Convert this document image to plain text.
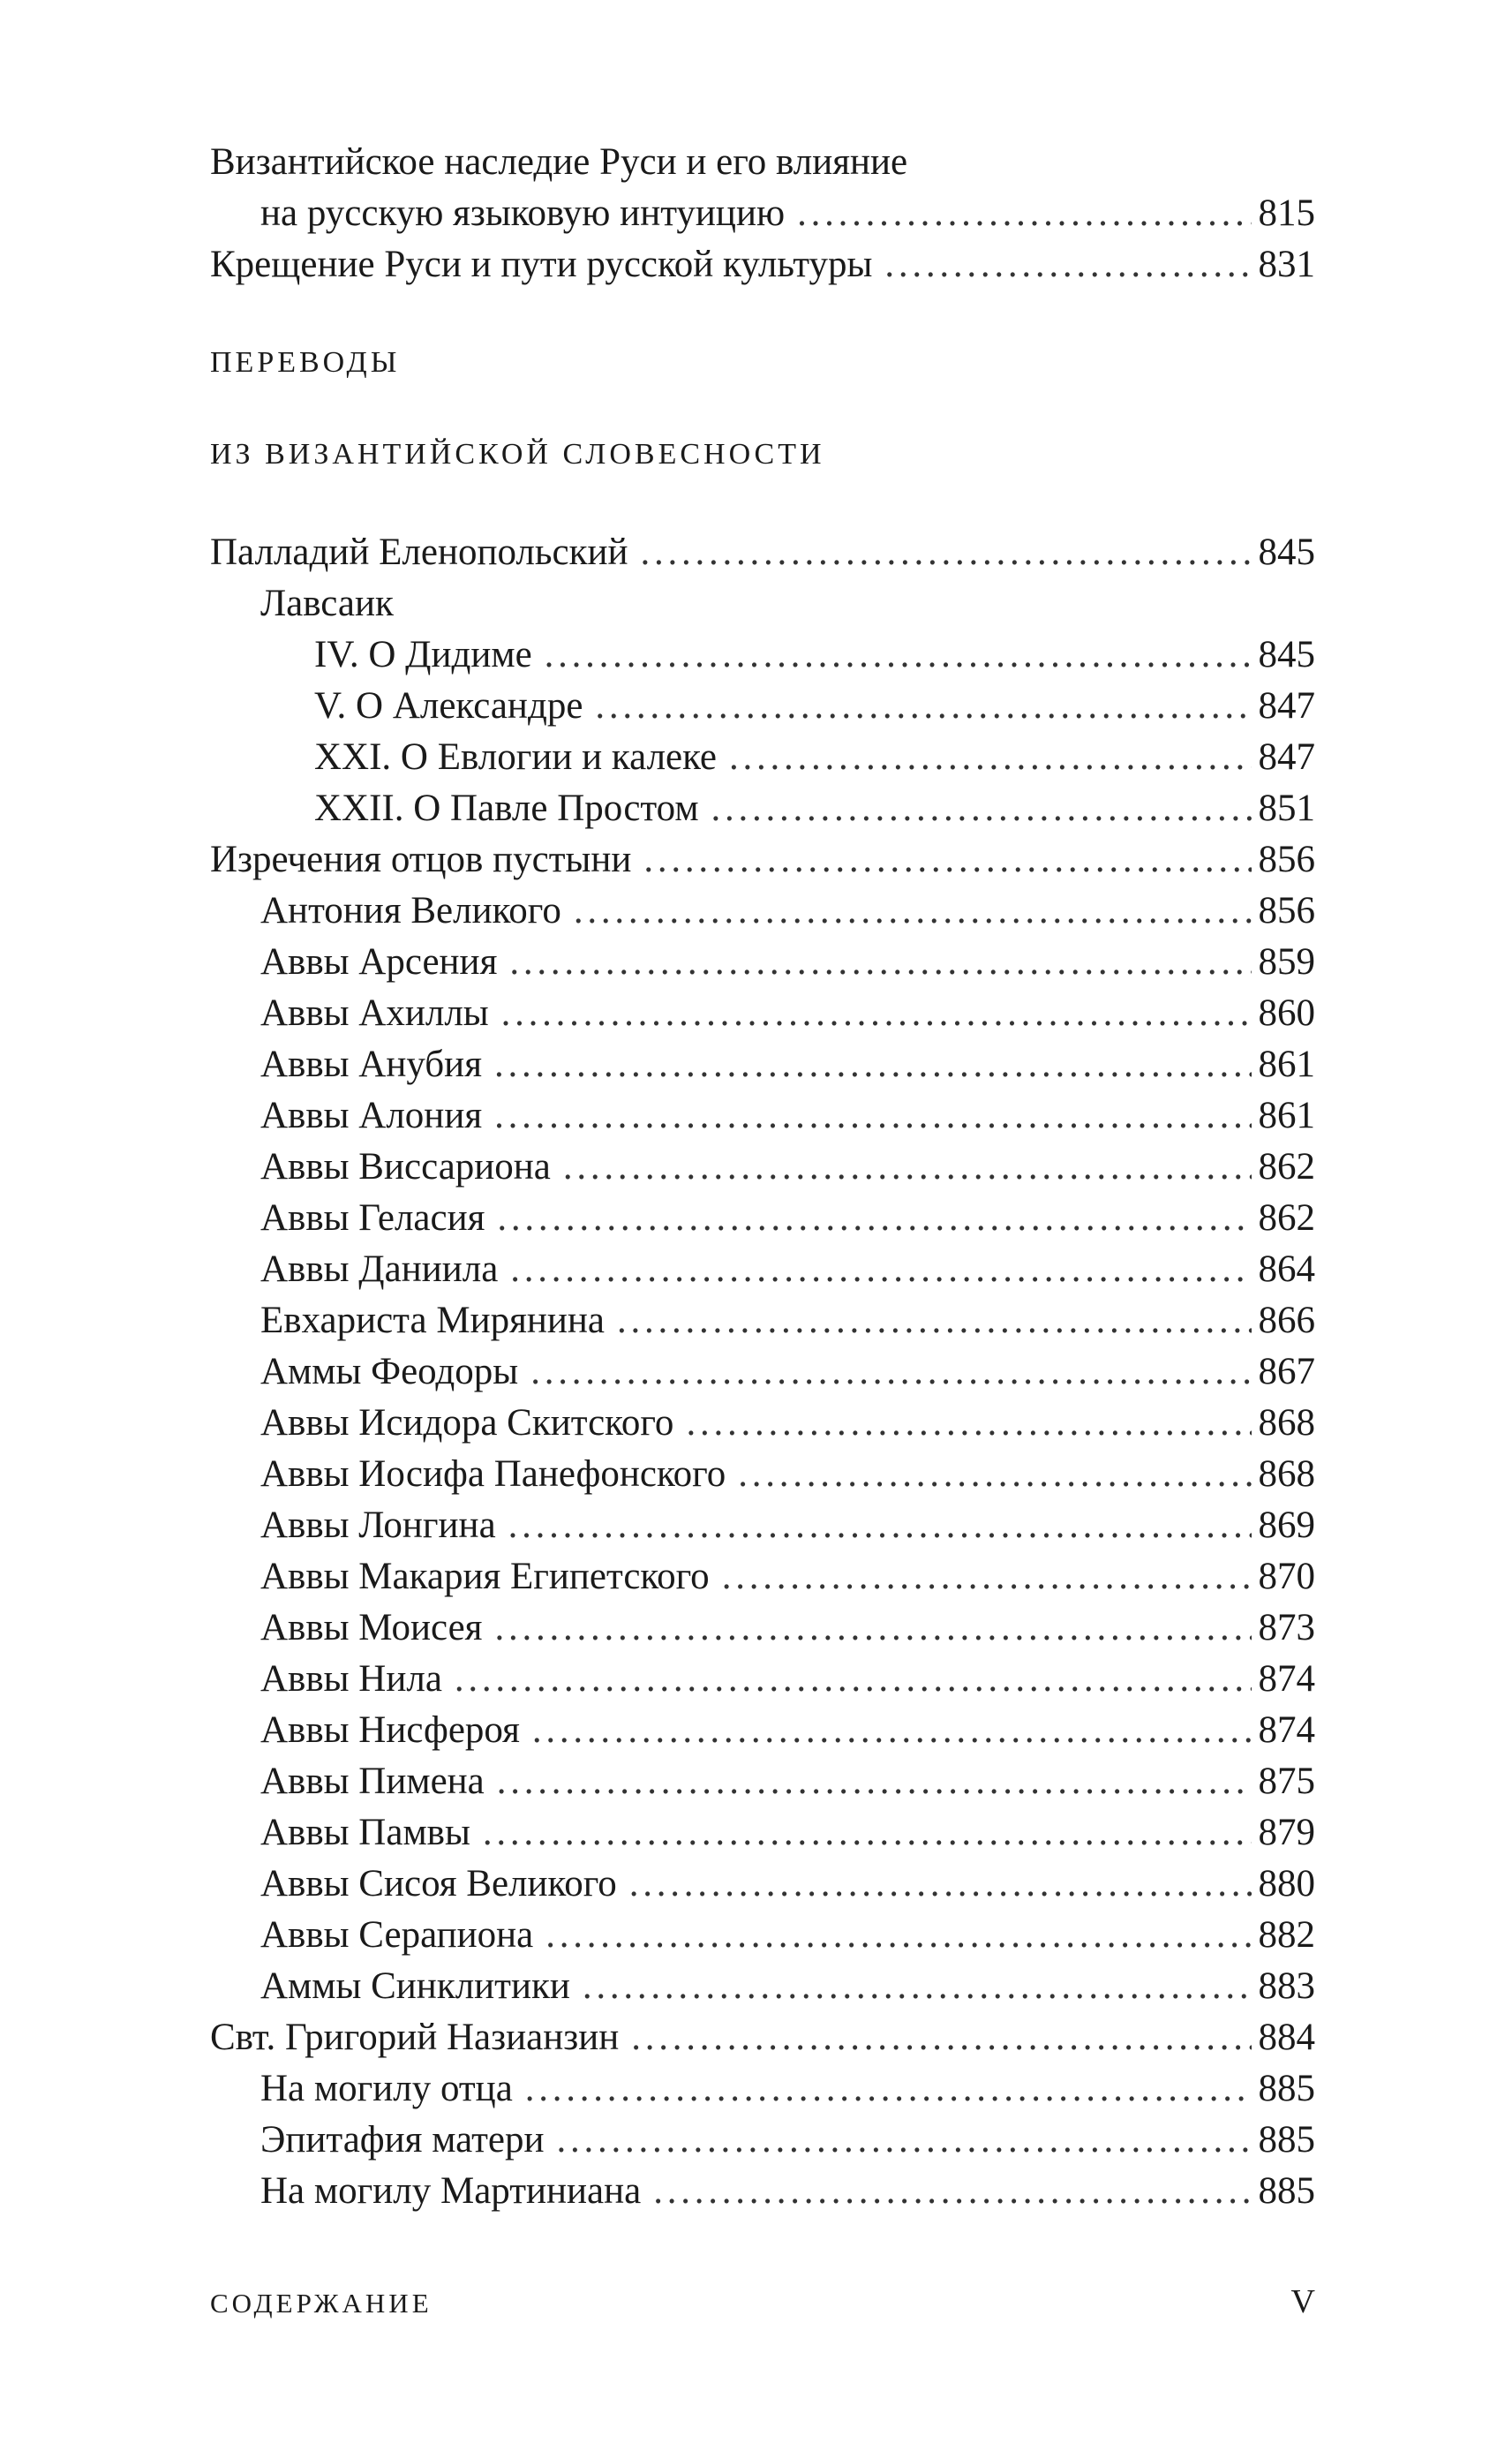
Византийское наследие Руси и его влияние
на русскую языковую интуицию . . .	815
Крещение Руси и пути русской культуры . . .	831
ПЕРЕВОДЫ
ИЗ ВИЗАНТИЙСКОЙ СЛОВЕСНОСТИ
Палладий Еленопольский . . .	845
Лавсаик
IV. О Дидиме . . .	845
V. О Александре . . .	847
XXI. О Евлогии и калеке . . .	847
XXII. О Павле Простом . . .	851
Изречения отцов пустыни . . .	856
Антония Великого . . .	856
Аввы Арсения . . .	859
Аввы Ахиллы . . .	860
Аввы Анубия . . .	861
Аввы Алония . . .	861
Аввы Виссариона . . .	862
Аввы Геласия . . .	862
Аввы Даниила . . .	864
Евхариста Мирянина . . .	866
Аммы Феодоры . . .	867
Аввы Исидора Скитского . . .	868
Аввы Иосифа Панефонского . . .	868
Аввы Лонгина . . .	869
Аввы Макария Египетского . . .	870
Аввы Моисея . . .	873
Аввы Нила . . .	874
Аввы Нисфероя . . .	874
Аввы Пимена . . .	875
Аввы Памвы . . .	879
Аввы Сисоя Великого . . .	880
Аввы Серапиона . . .	882
Аммы Синклитики . . .	883
Свт. Григорий Назианзин . . .	884
На могилу отца . . .	885
Эпитафия матери . . .	885
На могилу Мартиниана . . .	885
СОДЕРЖАНИЕ	V
